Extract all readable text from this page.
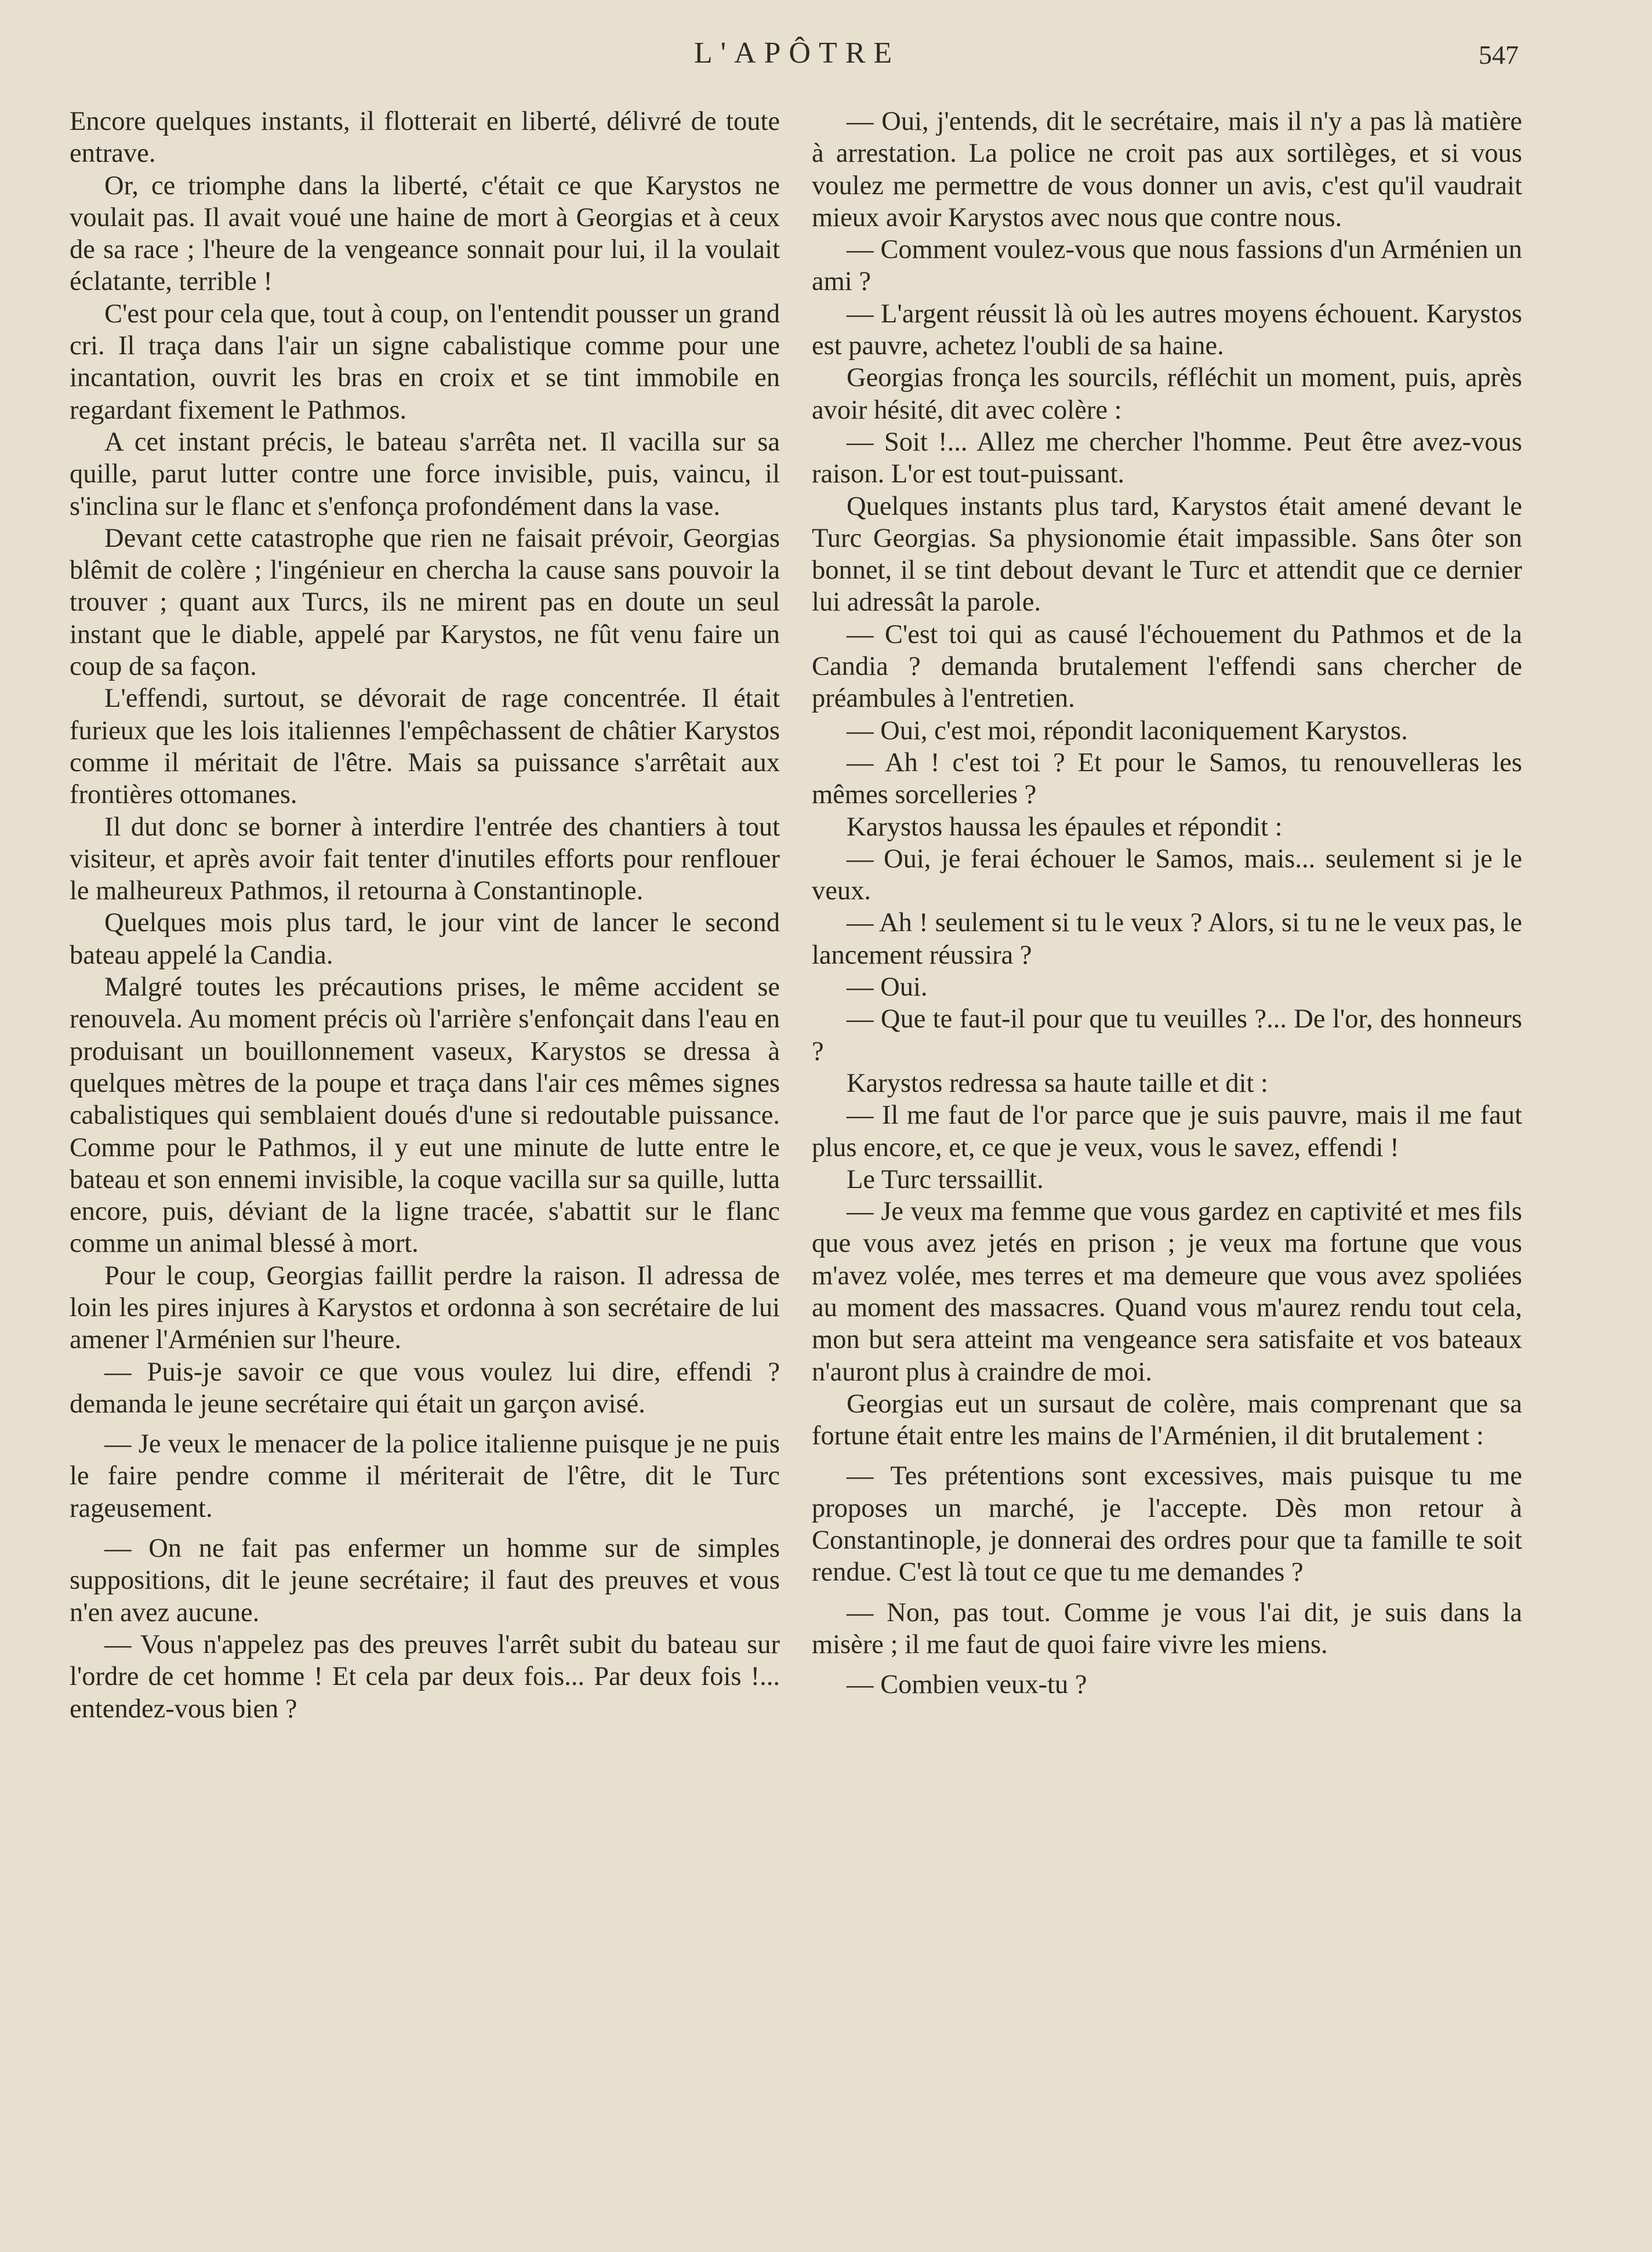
L'APÔTRE	547

Encore quelques instants, il flotterait en liberté, délivré de toute entrave.

Or, ce triomphe dans la liberté, c'était ce que Karystos ne voulait pas. Il avait voué une haine de mort à Georgias et à ceux de sa race ; l'heure de la vengeance sonnait pour lui, il la voulait éclatante, terrible !

C'est pour cela que, tout à coup, on l'entendit pousser un grand cri. Il traça dans l'air un signe cabalistique comme pour une incantation, ouvrit les bras en croix et se tint immobile en regardant fixement le Pathmos.

A cet instant précis, le bateau s'arrêta net. Il vacilla sur sa quille, parut lutter contre une force invisible, puis, vaincu, il s'inclina sur le flanc et s'enfonça profondément dans la vase.

Devant cette catastrophe que rien ne faisait prévoir, Georgias blêmit de colère ; l'ingénieur en chercha la cause sans pouvoir la trouver ; quant aux Turcs, ils ne mirent pas en doute un seul instant que le diable, appelé par Karystos, ne fût venu faire un coup de sa façon.

L'effendi, surtout, se dévorait de rage concentrée. Il était furieux que les lois italiennes l'empêchassent de châtier Karystos comme il méritait de l'être. Mais sa puissance s'arrêtait aux frontières ottomanes.

Il dut donc se borner à interdire l'entrée des chantiers à tout visiteur, et après avoir fait tenter d'inutiles efforts pour renflouer le malheureux Pathmos, il retourna à Constantinople.

Quelques mois plus tard, le jour vint de lancer le second bateau appelé la Candia.

Malgré toutes les précautions prises, le même accident se renouvela. Au moment précis où l'arrière s'enfonçait dans l'eau en produisant un bouillonnement vaseux, Karystos se dressa à quelques mètres de la poupe et traça dans l'air ces mêmes signes cabalistiques qui semblaient doués d'une si redoutable puissance. Comme pour le Pathmos, il y eut une minute de lutte entre le bateau et son ennemi invisible, la coque vacilla sur sa quille, lutta encore, puis, déviant de la ligne tracée, s'abattit sur le flanc comme un animal blessé à mort.

Pour le coup, Georgias faillit perdre la raison. Il adressa de loin les pires injures à Karystos et ordonna à son secrétaire de lui amener l'Arménien sur l'heure.

— Puis-je savoir ce que vous voulez lui dire, effendi ? demanda le jeune secrétaire qui était un garçon avisé.

— Je veux le menacer de la police italienne puisque je ne puis le faire pendre comme il mériterait de l'être, dit le Turc rageusement.

— On ne fait pas enfermer un homme sur de simples suppositions, dit le jeune secrétaire; il faut des preuves et vous n'en avez aucune.

— Vous n'appelez pas des preuves l'arrêt subit du bateau sur l'ordre de cet homme ! Et cela par deux fois... Par deux fois !... entendez-vous bien ?

— Oui, j'entends, dit le secrétaire, mais il n'y a pas là matière à arrestation. La police ne croit pas aux sortilèges, et si vous voulez me permettre de vous donner un avis, c'est qu'il vaudrait mieux avoir Karystos avec nous que contre nous.

— Comment voulez-vous que nous fassions d'un Arménien un ami ?

— L'argent réussit là où les autres moyens échouent. Karystos est pauvre, achetez l'oubli de sa haine.

Georgias fronça les sourcils, réfléchit un moment, puis, après avoir hésité, dit avec colère :

— Soit !... Allez me chercher l'homme. Peut être avez-vous raison. L'or est tout-puissant.

Quelques instants plus tard, Karystos était amené devant le Turc Georgias. Sa physionomie était impassible. Sans ôter son bonnet, il se tint debout devant le Turc et attendit que ce dernier lui adressât la parole.

— C'est toi qui as causé l'échouement du Pathmos et de la Candia ? demanda brutalement l'effendi sans chercher de préambules à l'entretien.

— Oui, c'est moi, répondit laconiquement Karystos.

— Ah ! c'est toi ? Et pour le Samos, tu renouvelleras les mêmes sorcelleries ?

Karystos haussa les épaules et répondit :

— Oui, je ferai échouer le Samos, mais... seulement si je le veux.

— Ah ! seulement si tu le veux ? Alors, si tu ne le veux pas, le lancement réussira ?

— Oui.

— Que te faut-il pour que tu veuilles ?... De l'or, des honneurs ?

Karystos redressa sa haute taille et dit :

— Il me faut de l'or parce que je suis pauvre, mais il me faut plus encore, et, ce que je veux, vous le savez, effendi !

Le Turc terssaillit.

— Je veux ma femme que vous gardez en captivité et mes fils que vous avez jetés en prison ; je veux ma fortune que vous m'avez volée, mes terres et ma demeure que vous avez spoliées au moment des massacres. Quand vous m'aurez rendu tout cela, mon but sera atteint ma vengeance sera satisfaite et vos bateaux n'auront plus à craindre de moi.

Georgias eut un sursaut de colère, mais comprenant que sa fortune était entre les mains de l'Arménien, il dit brutalement :

— Tes prétentions sont excessives, mais puisque tu me proposes un marché, je l'accepte. Dès mon retour à Constantinople, je donnerai des ordres pour que ta famille te soit rendue. C'est là tout ce que tu me demandes ?

— Non, pas tout. Comme je vous l'ai dit, je suis dans la misère ; il me faut de quoi faire vivre les miens.

— Combien veux-tu ?
